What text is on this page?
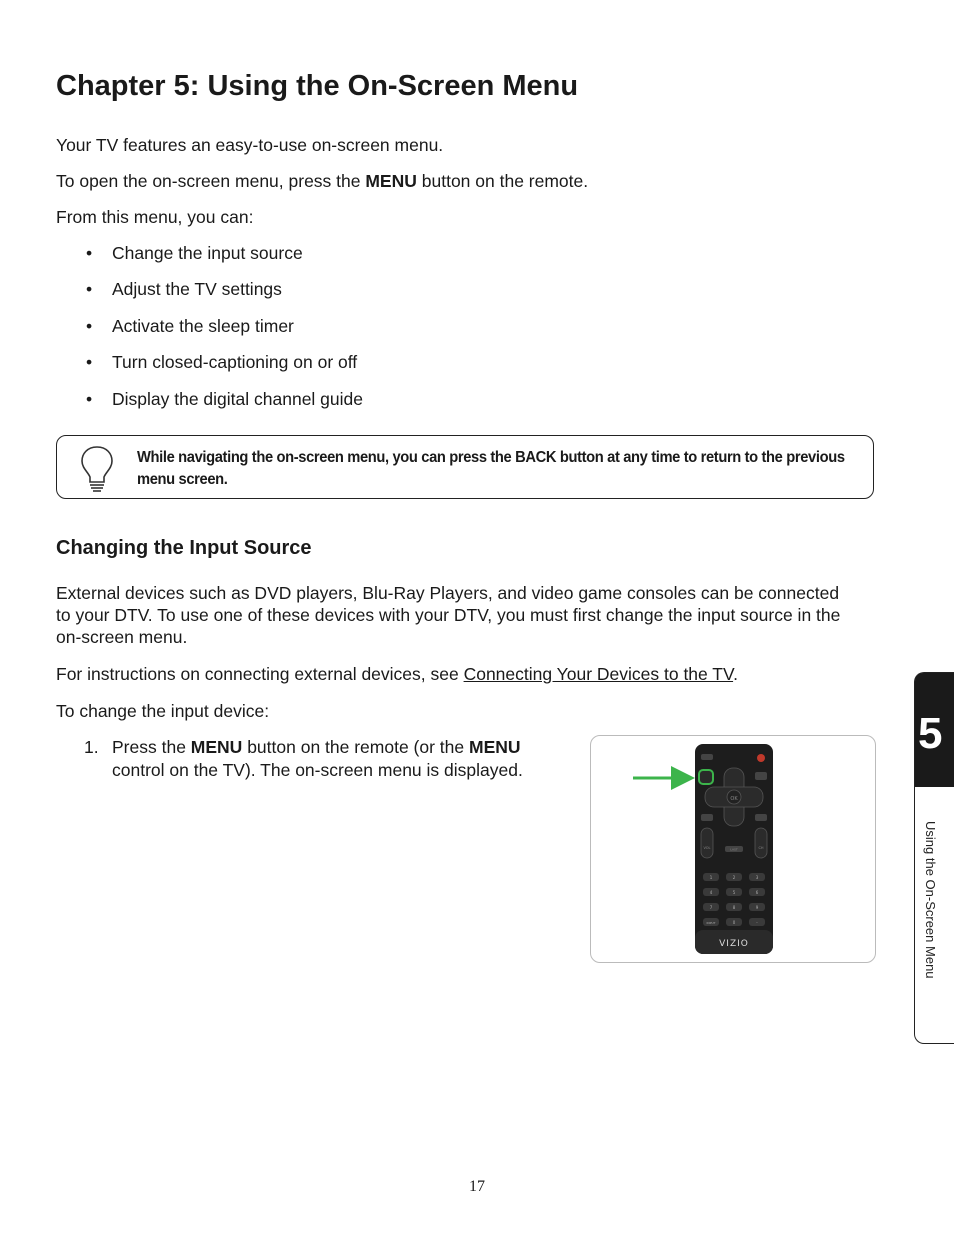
Chapter 5: Using the On-Screen Menu

Your TV features an easy-to-use on-screen menu.

To open the on-screen menu, press the MENU button on the remote.

From this menu, you can:

• Change the input source
• Adjust the TV settings
• Activate the sleep timer
• Turn closed-captioning on or off
• Display the digital channel guide
While navigating the on-screen menu, you can press the BACK button at any time to return to the previous menu screen.
Changing the Input Source

External devices such as DVD players, Blu-Ray Players, and video game consoles can be connected to your DTV. To use one of these devices with your DTV, you must first change the input source in the on-screen menu.

For instructions on connecting external devices, see Connecting Your Devices to the TV.

To change the input device:

1. Press the MENU button on the remote (or the MENU control on the TV). The on-screen menu is displayed.
OK
VOL	CH
LAST
1	2	3
4	5	6
7	8	9
INPUT	0	-
VIZIO
5
Using the On-Screen Menu
17
